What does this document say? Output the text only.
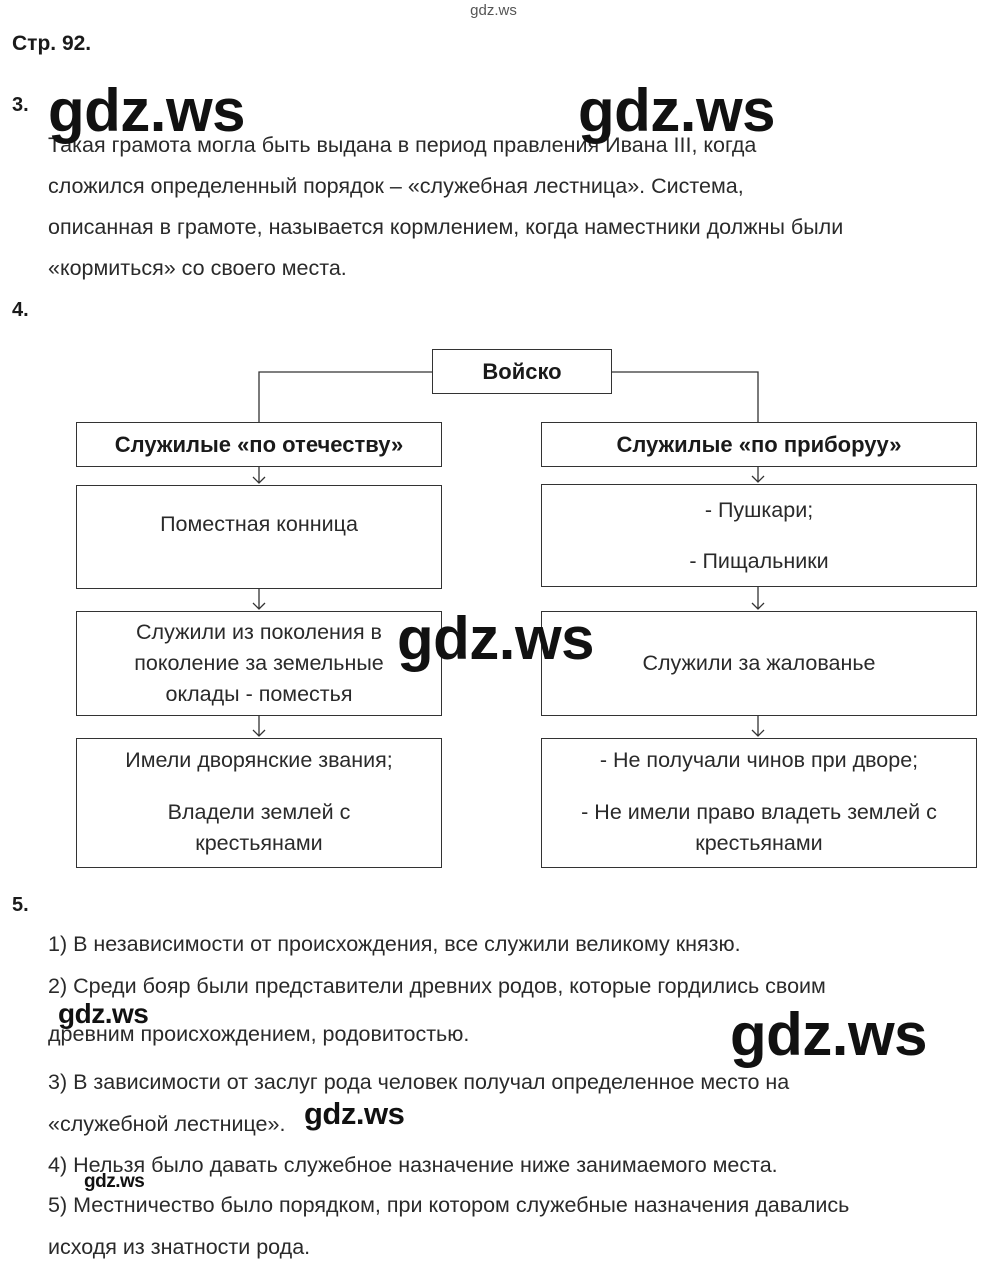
gdz.ws
Стр. 92.
3.
Такая грамота могла быть выдана в период правления Ивана III, когда
сложился определенный порядок – «служебная лестница». Система,
описанная в грамоте, называется кормлением, когда наместники должны были
«кормиться» со своего места.
4.
Войско
Служилые «по отечеству»
Поместная конница
Служили из поколения в
поколение за земельные
оклады - поместья
Имели дворянские звания;
Владели землей с
крестьянами
Служилые «по приборуу»
- Пушкари;
- Пищальники
Служили за жалованье
- Не получали чинов при дворе;
- Не имели право владеть землей с
крестьянами
5.
1) В независимости от происхождения, все служили великому князю.
2) Среди бояр были представители древних родов, которые гордились своим
древним происхождением, родовитостью.
3) В зависимости от заслуг рода человек получал определенное место на
«служебной лестнице».
4) Нельзя было давать служебное назначение ниже занимаемого места.
5) Местничество было порядком, при котором служебные назначения давались
исходя из знатности рода.
gdz.ws	gdz.ws
gdz.ws
gdz.ws	gdz.ws
gdz.ws
gdz.ws
